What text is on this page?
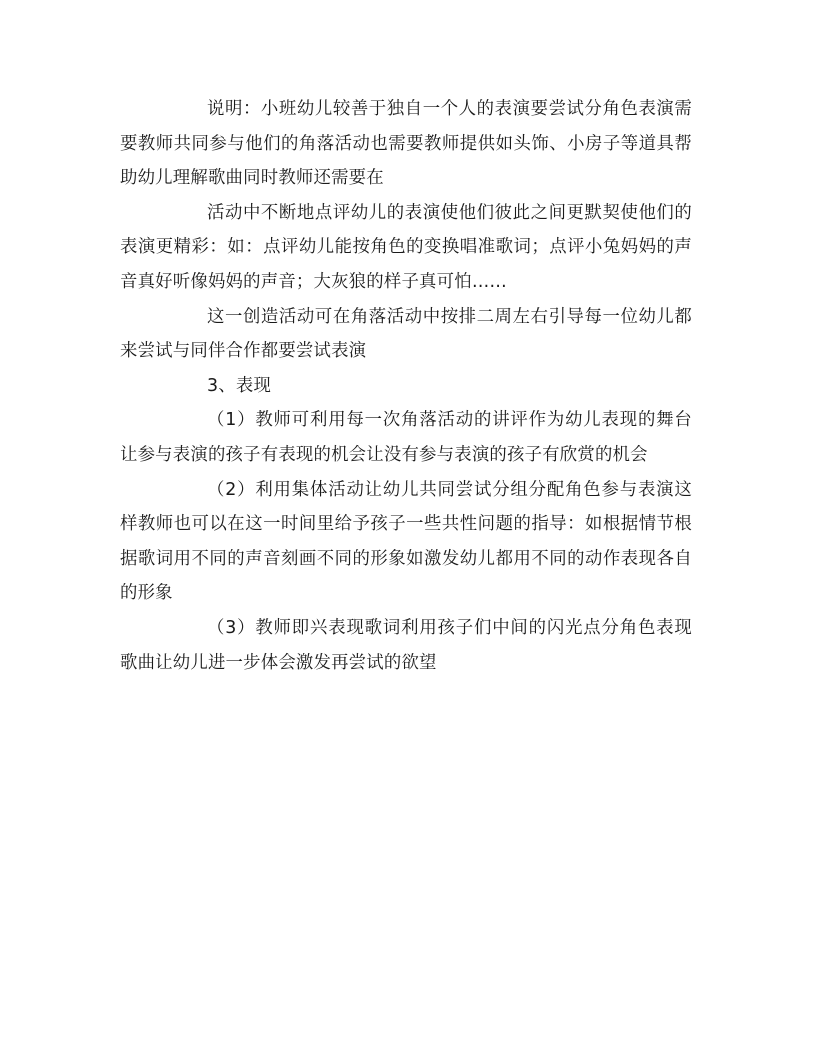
说明：小班幼儿较善于独自一个人的表演要尝试分角色表演需要教师共同参与他们的角落活动也需要教师提供如头饰、小房子等道具帮助幼儿理解歌曲同时教师还需要在

活动中不断地点评幼儿的表演使他们彼此之间更默契使他们的表演更精彩：如：点评幼儿能按角色的变换唱准歌词；点评小兔妈妈的声音真好听像妈妈的声音；大灰狼的样子真可怕……

这一创造活动可在角落活动中按排二周左右引导每一位幼儿都来尝试与同伴合作都要尝试表演

3、表现

（1）教师可利用每一次角落活动的讲评作为幼儿表现的舞台让参与表演的孩子有表现的机会让没有参与表演的孩子有欣赏的机会

（2）利用集体活动让幼儿共同尝试分组分配角色参与表演这样教师也可以在这一时间里给予孩子一些共性问题的指导：如根据情节根据歌词用不同的声音刻画不同的形象如激发幼儿都用不同的动作表现各自的形象

（3）教师即兴表现歌词利用孩子们中间的闪光点分角色表现歌曲让幼儿进一步体会激发再尝试的欲望
